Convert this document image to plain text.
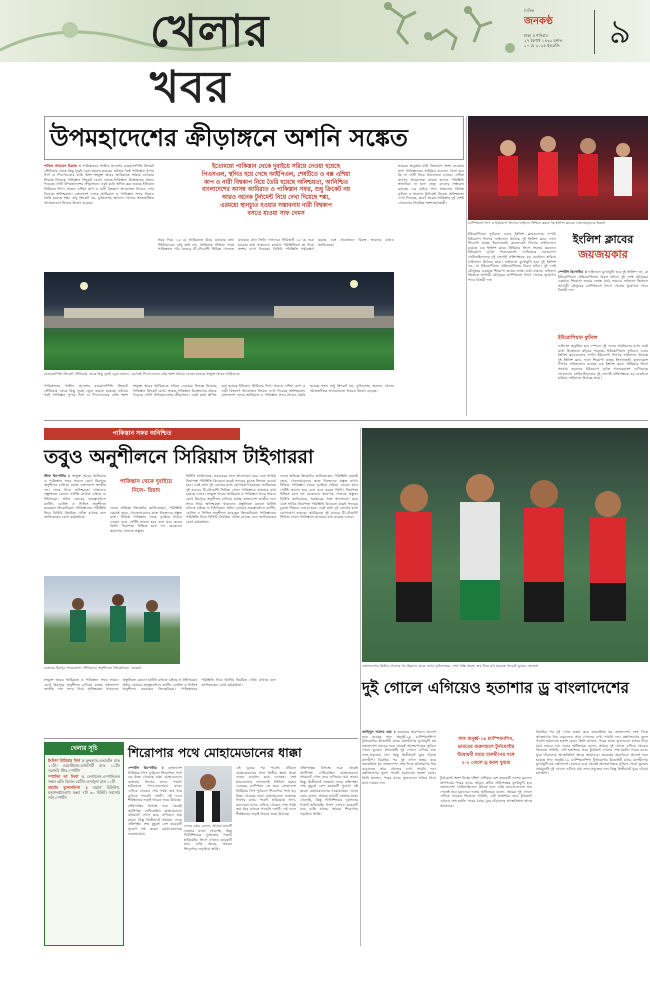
খেলার খবর
দৈনিক
জনকণ্ঠ
ঢাকা ॥ শনিবার
২৭ বৈশাখ ১৪৩২ বঙ্গাব্দ
১০ মে ২০২৫ ইংরেজি	৯
উপমহাদেশের ক্রীড়াঙ্গনে অশনি সঙ্কেত
শাকিল আহমেদ মিরাজ ॥ পাকিস্তানের পাঞ্জাব প্রদেশের রাওয়ালপিন্ডি ক্রিকেট স্টেডিয়াম থেকে কিছু দূরেই ড্রোন হামলা হয়েছে। ঘটনার পরই পাকিস্তান সুপার লিগ বা পিএসএলের বাকি অংশ সংযুক্ত আরব আমিরাতে সরিয়ে নেওয়ার সিদ্ধান্ত নিয়েছে পাকিস্তান ক্রিকেট বোর্ড। ভারত-পাকিস্তান উত্তেজনার প্রভাব পড়েছে গোটা উপমহাদেশের ক্রীড়াঙ্গনে। এরই মধ্যে স্থগিত করা হয়েছে ইন্ডিয়ান প্রিমিয়ার লিগ। সামনে এশিয়া কাপ ও নারী বিশ্বকাপ আয়োজন নিয়েও দেখা দিয়েছে অনিশ্চয়তা। বাংলাদেশ দলের আমিরাত ও পাকিস্তান সফর নিয়েও তৈরি হয়েছে শঙ্কা। শুধু ক্রিকেট নয়, ফুটবলসহ অন্যান্য খেলার আন্তর্জাতিক আসরগুলো নিয়েও উদ্বেগ বাড়ছে।
ইতোমধ্যে পাকিস্তান থেকে দুবাইয়ে সরিয়ে নেওয়া হয়েছে
পিএসএল, স্থগিত হয়ে গেছে আইপিএল, শেষটিতে ও বক্স এশিয়া
কাপ ও নারী বিশ্বকাপ নিয়ে তৈরি হয়েছে অনিশ্চয়তা, আনিশ্চিত
বাংলাদেশের আসন্ন আমিরাত ও পাকিস্তান সফর, শুধু ক্রিকেট নয়
আরও অনেক টুর্নামেন্ট নিয়ে দেখা দিয়েছে শঙ্কা,
এরমধ্যে স্থানচ্যুত হওয়ার সম্ভাবনায় নারী বিশ্বকাপ
বসতে যাওয়া সাফ গেমস
সময় দিয়ে ১৬ মে আমিরাতে উড়ে যাওয়ার কথা টাইগারদের। শুধু তাই নয়, আমিরাত সিরিজ শেষে পাকিস্তানে পাঁচ ম্যাচের টি-টোয়েন্টি সিরিজ খেলতে যাওয়ার কথা লিটন দাসদের। সিরিজটি ২৫ মে শুরু হওয়ার কথা থাকলেও চলমান পরিস্থিতিতে তা নিয়ে সংশয় দেখা দিয়েছে। বিসিবি পরিস্থিতি পর্যবেক্ষণ করছে এবং প্রয়োজনে বিকল্প ভাবনার কথাও জানিয়েছে।
ভারতে অনুষ্ঠেয় নারী বিশ্বকাপে অংশ নেওয়ার কথা পাকিস্তানের। হাইব্রিড মডেলে খেলা হবে কি না সেটি নিয়ে আলোচনা চলছে। এশিয়া কাপের আয়োজক ভারত হলেও পরিস্থিতি স্বাভাবিক না হলে ভেন্যু বদলের সম্ভাবনা রয়েছে। এর বাইরে সাফ অঞ্চলের বিভিন্ন ফুটবল ও অন্যান্য টুর্নামেন্ট নিয়েও অনিশ্চয়তা দেখা দিয়েছে, কারণ ভারত-পাকিস্তান দুই দেশই সেগুলোর নিয়মিত অংশগ্রহণকারী।
রাওয়ালপিন্ডি ক্রিকেট স্টেডিয়াম থেকে কিছু দূরেই ড্রোন হামলা, এরপরই পিএসএলের বাকি অংশ সরিয়ে নেওয়া হয়েছে সংযুক্ত আরব আমিরাতে
পাকিস্তানের পাঞ্জাব প্রদেশের রাওয়ালপিন্ডি ক্রিকেট স্টেডিয়াম থেকে কিছু দূরেই ড্রোন হামলা হয়েছে। ঘটনার পরই পাকিস্তান সুপার লিগ বা পিএসএলের বাকি অংশ সংযুক্ত আরব আমিরাতে সরিয়ে নেওয়ার সিদ্ধান্ত নিয়েছে পাকিস্তান ক্রিকেট বোর্ড। ভারত-পাকিস্তান উত্তেজনার প্রভাব পড়েছে গোটা উপমহাদেশের ক্রীড়াঙ্গনে। এরই মধ্যে স্থগিত করা হয়েছে ইন্ডিয়ান প্রিমিয়ার লিগ। সামনে এশিয়া কাপ ও নারী বিশ্বকাপ আয়োজন নিয়েও দেখা দিয়েছে অনিশ্চয়তা। বাংলাদেশ দলের আমিরাত ও পাকিস্তান সফর নিয়েও তৈরি হয়েছে শঙ্কা। শুধু ক্রিকেট নয়, ফুটবলসহ অন্যান্য খেলার আন্তর্জাতিক আসরগুলো নিয়েও উদ্বেগ বাড়ছে।
চ্যাম্পিয়নস লিগ ও ইউরোপা লিগের ফাইনাল নিশ্চিত করার পর ইংলিশ ক্লাবের খেলোয়াড়দের উল্লাস
ইউরোপিয়ান ফুটবলে এবার ইংলিশ ক্লাবগুলোর দাপট। ইউরোপা লিগের ফাইনালে উঠেছে দুই ইংলিশ ক্লাব, ফলে শিরোপা যাচ্ছে ইংল্যান্ডেই। কনফারেন্স লিগের ফাইনালেও রয়েছে এক ইংলিশ ক্লাব। প্রিমিয়ার লিগে সংগ্রাম করলেও ইউরোপে দুর্দান্ত পারফরম্যান্স দেখিয়েছে দলগুলো। সেমিফাইনালের দুই লেগেই প্রতিপক্ষকে বড় ব্যবধানে হারিয়ে ফাইনালে উঠেছে তারা। ফাইনালে মুখোমুখি হবে দুই ইংলিশ দল, যা ইউরোপিয়ান প্রতিযোগিতায় বিরল ঘটনা। দুই দলই মৌসুমের একমাত্র শিরোপা জয়ের লক্ষ্যে মাঠে নামবে। ফাইনাল জিতলে আগামী মৌসুমের চ্যাম্পিয়নস লিগে খেলার সুযোগও পাবে বিজয়ী দল।
ইংলিশ ক্লাবের
জয়জয়কার
স্পোর্টস রিপোর্টার ॥ ফাইনালে মুখোমুখি হবে দুই ইংলিশ দল, যা ইউরোপিয়ান প্রতিযোগিতায় বিরল ঘটনা। দুই দলই মৌসুমের একমাত্র শিরোপা জয়ের লক্ষ্যে মাঠে নামবে। ফাইনাল জিতলে আগামী মৌসুমের চ্যাম্পিয়নস লিগে খেলার সুযোগও পাবে বিজয়ী দল।
ইউরোপিয়ান ফুটবল
ফাইনাল অনুষ্ঠিত হবে স্পেনে। দুই দলের সমর্থকদের মধ্যে এরই মধ্যে উত্তেজনা ছড়িয়ে পড়েছে। ইউরোপিয়ান ফুটবলে এবার ইংলিশ ক্লাবগুলোর দাপট। ইউরোপা লিগের ফাইনালে উঠেছে দুই ইংলিশ ক্লাব, ফলে শিরোপা যাচ্ছে ইংল্যান্ডেই। কনফারেন্স লিগের ফাইনালেও রয়েছে এক ইংলিশ ক্লাব। প্রিমিয়ার লিগে সংগ্রাম করলেও ইউরোপে দুর্দান্ত পারফরম্যান্স দেখিয়েছে দলগুলো। সেমিফাইনালের দুই লেগেই প্রতিপক্ষকে বড় ব্যবধানে হারিয়ে ফাইনালে উঠেছে তারা।
পাকিস্তান সফর অনিশ্চিত
তবুও অনুশীলনে সিরিয়াস টাইগাররা
স্টাফ রিপোর্টার ॥ সংযুক্ত আরব আমিরাত ও পাকিস্তান সফর সামনে রেখে মিরপুরে অনুশীলন চালিয়ে যাচ্ছে বাংলাদেশ জাতীয় দল। সফর নিয়ে অনিশ্চয়তা থাকলেও প্রস্তুতিতে কোনো ঘাটতি রাখতে চাইছে না টাইগাররা। প্রধান কোচের তত্ত্বাবধানে ব্যাটিং, বোলিং ও ফিল্ডিং অনুশীলন করেছেন ক্রিকেটাররা। পাকিস্তানের পরিস্থিতি নিয়ে বিসিবি নিয়মিত খোঁজ রাখছে বলে জানিয়েছেন বোর্ড কর্মকর্তারা।
পাকিস্তান থেকে দুবাইয়ে
নিলে- রিয়াদ
দলের অভিজ্ঞ ক্রিকেটার জানিয়েছেন, পরিস্থিতি যেমনই হোক, খেলোয়াড়দের কাজ নিজেদের প্রস্তুত রাখা। সিরিজ পাকিস্তান থেকে দুবাইয়ে সরিয়ে নেওয়া হলে সেটিই ভালো হবে বলে মনে করেন তিনি। নিরাপত্তা নিশ্চিত হলে দল যেকোনো জায়গায় খেলতে প্রস্তুত।
বিসিবি জানিয়েছে, সরকারের সঙ্গে আলোচনা করে এবং সার্বিক নিরাপত্তা পরিস্থিতি বিবেচনা করেই সফরের চূড়ান্ত সিদ্ধান্ত নেওয়া হবে। এরই মধ্যে দুই বোর্ডের মধ্যে যোগাযোগ হয়েছে। আমিরাতে দুই ম্যাচের টি-টোয়েন্টি সিরিজ খেলে পাকিস্তানে যাওয়ার কথা রয়েছে দলের। সংযুক্ত আরব আমিরাত ও পাকিস্তান সফর সামনে রেখে মিরপুরে অনুশীলন চালিয়ে যাচ্ছে বাংলাদেশ জাতীয় দল। সফর নিয়ে অনিশ্চয়তা থাকলেও প্রস্তুতিতে কোনো ঘাটতি রাখতে চাইছে না টাইগাররা। প্রধান কোচের তত্ত্বাবধানে ব্যাটিং, বোলিং ও ফিল্ডিং অনুশীলন করেছেন ক্রিকেটাররা। পাকিস্তানের পরিস্থিতি নিয়ে বিসিবি নিয়মিত খোঁজ রাখছে বলে জানিয়েছেন বোর্ড কর্মকর্তারা।
দলের অভিজ্ঞ ক্রিকেটার জানিয়েছেন, পরিস্থিতি যেমনই হোক, খেলোয়াড়দের কাজ নিজেদের প্রস্তুত রাখা। সিরিজ পাকিস্তান থেকে দুবাইয়ে সরিয়ে নেওয়া হলে সেটিই ভালো হবে বলে মনে করেন তিনি। নিরাপত্তা নিশ্চিত হলে দল যেকোনো জায়গায় খেলতে প্রস্তুত। বিসিবি জানিয়েছে, সরকারের সঙ্গে আলোচনা করে এবং সার্বিক নিরাপত্তা পরিস্থিতি বিবেচনা করেই সফরের চূড়ান্ত সিদ্ধান্ত নেওয়া হবে। এরই মধ্যে দুই বোর্ডের মধ্যে যোগাযোগ হয়েছে। আমিরাতে দুই ম্যাচের টি-টোয়েন্টি সিরিজ খেলে পাকিস্তানে যাওয়ার কথা রয়েছে দলের।
শুক্রবার মিরপুর শেরেবাংলা স্টেডিয়ামে অনুশীলনে ক্রিকেটাররা -জনকণ্ঠ
সংযুক্ত আরব আমিরাত ও পাকিস্তান সফর সামনে রেখে মিরপুরে অনুশীলন চালিয়ে যাচ্ছে বাংলাদেশ জাতীয় দল। সফর নিয়ে অনিশ্চয়তা থাকলেও প্রস্তুতিতে কোনো ঘাটতি রাখতে চাইছে না টাইগাররা। প্রধান কোচের তত্ত্বাবধানে ব্যাটিং, বোলিং ও ফিল্ডিং অনুশীলন করেছেন ক্রিকেটাররা। পাকিস্তানের পরিস্থিতি নিয়ে বিসিবি নিয়মিত খোঁজ রাখছে বলে জানিয়েছেন বোর্ড কর্মকর্তারা।
বাংলাদেশের দ্বিতীয় গোলের পর উল্লাসে মেতে ওঠেন ফুটবলাররা, শেষ পর্যন্ত অবশ্য জয় নিয়ে মাঠ ছাড়তে পারেনি যুবারা -জনকণ্ঠ
দুই গোলে এগিয়েও হতাশার ড্র বাংলাদেশের
জাহিদুল আলম জয় ॥ ভারতের অরুণাচল প্রদেশে শুরু হয়েছে সাফ অনূর্ধ্ব-১৯ চ্যাম্পিয়নশিপ। টুর্নামেন্টের উদ্বোধনী ম্যাচে মালদ্বীপের মুখোমুখি হয় বাংলাদেশ। ম্যাচের শুরু থেকেই আক্রমণাত্মক ফুটবল খেলে যুবারা। প্রথমার্ধেই দুই গোলে এগিয়ে যায় লাল-সবুজের দল। কিন্তু দ্বিতীয়ার্ধে ঘুরে দাঁড়ায় মালদ্বীপ। বিরতির পর দুই গোল হজম করে জয়বঞ্চিত হয় বাংলাদেশ। শেষ দিকে আক্রমণের ধার বাড়ালেও আর গোলের দেখা পায়নি দল। রক্ষণভাগের ভুলে পয়েন্ট হারানোয় হতাশ কোচ। তিনি জানান, পরের ম্যাচে ভুলগুলো শুধরে নিয়ে মাঠে নামবে দল।
সাফ অনূর্ধ্ব-১৯ চ্যাম্পিয়নশিপ,
ভারতের অরুণাচলে টুর্নামেন্টের
উদ্বোধনী ম্যাচে মালদ্বীপের সঙ্গে
২-২ গোলে ড্র করল যুবারা
টুর্নামেন্টে অংশ নিচ্ছে দক্ষিণ এশিয়ার বেশ কয়েকটি দেশের যুবদল। গ্রুপপর্বের পরের ম্যাচে আরও কঠিন প্রতিপক্ষের মুখোমুখি হবে বাংলাদেশ। সেমিফাইনালে উঠতে হলে বাকি ম্যাচগুলোতে জয় পেতেই হবে যুবাদের। দলের অধিনায়ক বলেন, আমরা দুই গোলে এগিয়ে থেকেও জিততে পারিনি, এটা হতাশার। তবে টুর্নামেন্ট এখনও শেষ হয়নি। পরের ম্যাচে ঘুরে দাঁড়ানোর আত্মবিশ্বাস আছে আমাদের।
বিরতির পর দুই গোল হজম করে জয়বঞ্চিত হয় বাংলাদেশ। শেষ দিকে আক্রমণের ধার বাড়ালেও আর গোলের দেখা পায়নি দল। রক্ষণভাগের ভুলে পয়েন্ট হারানোয় হতাশ কোচ। তিনি জানান, পরের ম্যাচে ভুলগুলো শুধরে নিয়ে মাঠে নামবে দল। দলের অধিনায়ক বলেন, আমরা দুই গোলে এগিয়ে থেকেও জিততে পারিনি, এটা হতাশার। তবে টুর্নামেন্ট এখনও শেষ হয়নি। পরের ম্যাচে ঘুরে দাঁড়ানোর আত্মবিশ্বাস আছে আমাদের। ভারতের অরুণাচল প্রদেশে শুরু হয়েছে সাফ অনূর্ধ্ব-১৯ চ্যাম্পিয়নশিপ। টুর্নামেন্টের উদ্বোধনী ম্যাচে মালদ্বীপের মুখোমুখি হয় বাংলাদেশ। ম্যাচের শুরু থেকেই আক্রমণাত্মক ফুটবল খেলে যুবারা। প্রথমার্ধেই দুই গোলে এগিয়ে যায় লাল-সবুজের দল। কিন্তু দ্বিতীয়ার্ধে ঘুরে দাঁড়ায় মালদ্বীপ।
খেলার সূচি

ইংলিশ প্রিমিয়ার লিগ ॥ ফুলহ্যাম-এভারটন রাত ১১টা। ওয়েস্টহ্যাম-ম্যানসিটি রাত ১১টা। সরাসরি স্টার স্পোর্টস

স্প্যানিশ লা লিগা ॥ লেগানেস-এস্পানিওল সন্ধ্যা ৬টা। রিয়াল বেটিস-ওসাসুনা রাত ১০টা

জার্মান বুন্দেসলিগা ॥ বায়ার্ন মিউনিখ-মনশেনগ্লাডবাখ সন্ধ্যা ৭টা ৩০ মিনিট। সরাসরি সনি স্পোর্টস

শিরোপার পথে মোহামেডানের ধাক্কা
স্পোর্টস রিপোর্টার ॥ বাংলাদেশ প্রিমিয়ার লিগ ফুটবলে শিরোপার পথে বড় ধাক্কা খেয়েছে ঢাকা মোহামেডান। শুক্রবার লিগের ম্যাচে পয়েন্ট হারিয়েছে সাদা-কালোরা। ম্যাচে এগিয়ে থেকেও শেষ পর্যন্ত জয় ধরে রাখতে পারেনি দলটি। এই ফলে শীর্ষস্থানের লড়াই আরও জমে উঠেছে।
প্রতিপক্ষের বিপক্ষে শুরু থেকেই আধিপত্য দেখিয়েছিল মোহামেডান। প্রথমার্ধে গোল করে এগিয়েও যায় তারা। কিন্তু দ্বিতীয়ার্ধে সমতায় ফেরে প্রতিপক্ষ। শেষ মুহূর্তে বেশ কয়েকটি সুযোগ নষ্ট করেন মোহামেডানের ফরোয়ার্ডরা।
দলের কোচ বলেন, আমরা ম্যাচটি জেতার মতো খেলেছি, কিন্তু ফিনিশিংয়ের দুর্বলতায় পয়েন্ট হারিয়েছি। লিগে এখনও কয়েকটি ম্যাচ বাকি আছে, আমরা শিরোপার লড়াইয়ে আছি।
এই ড্রয়ের পর পয়েন্ট টেবিলে মোহামেডানের সঙ্গে দ্বিতীয় স্থানে থাকা দলের ব্যবধান কমে এসেছে। শেষ ম্যাচগুলোর ফলাফলই নির্ধারণ করবে এবারের চ্যাম্পিয়ন কে হবে। বাংলাদেশ প্রিমিয়ার লিগ ফুটবলে শিরোপার পথে বড় ধাক্কা খেয়েছে ঢাকা মোহামেডান। শুক্রবার লিগের ম্যাচে পয়েন্ট হারিয়েছে সাদা-কালোরা। ম্যাচে এগিয়ে থেকেও শেষ পর্যন্ত জয় ধরে রাখতে পারেনি দলটি। এই ফলে শীর্ষস্থানের লড়াই আরও জমে উঠেছে।
প্রতিপক্ষের বিপক্ষে শুরু থেকেই আধিপত্য দেখিয়েছিল মোহামেডান। প্রথমার্ধে গোল করে এগিয়েও যায় তারা। কিন্তু দ্বিতীয়ার্ধে সমতায় ফেরে প্রতিপক্ষ। শেষ মুহূর্তে বেশ কয়েকটি সুযোগ নষ্ট করেন মোহামেডানের ফরোয়ার্ডরা। দলের কোচ বলেন, আমরা ম্যাচটি জেতার মতো খেলেছি, কিন্তু ফিনিশিংয়ের দুর্বলতায় পয়েন্ট হারিয়েছি। লিগে এখনও কয়েকটি ম্যাচ বাকি আছে, আমরা শিরোপার লড়াইয়ে আছি।
